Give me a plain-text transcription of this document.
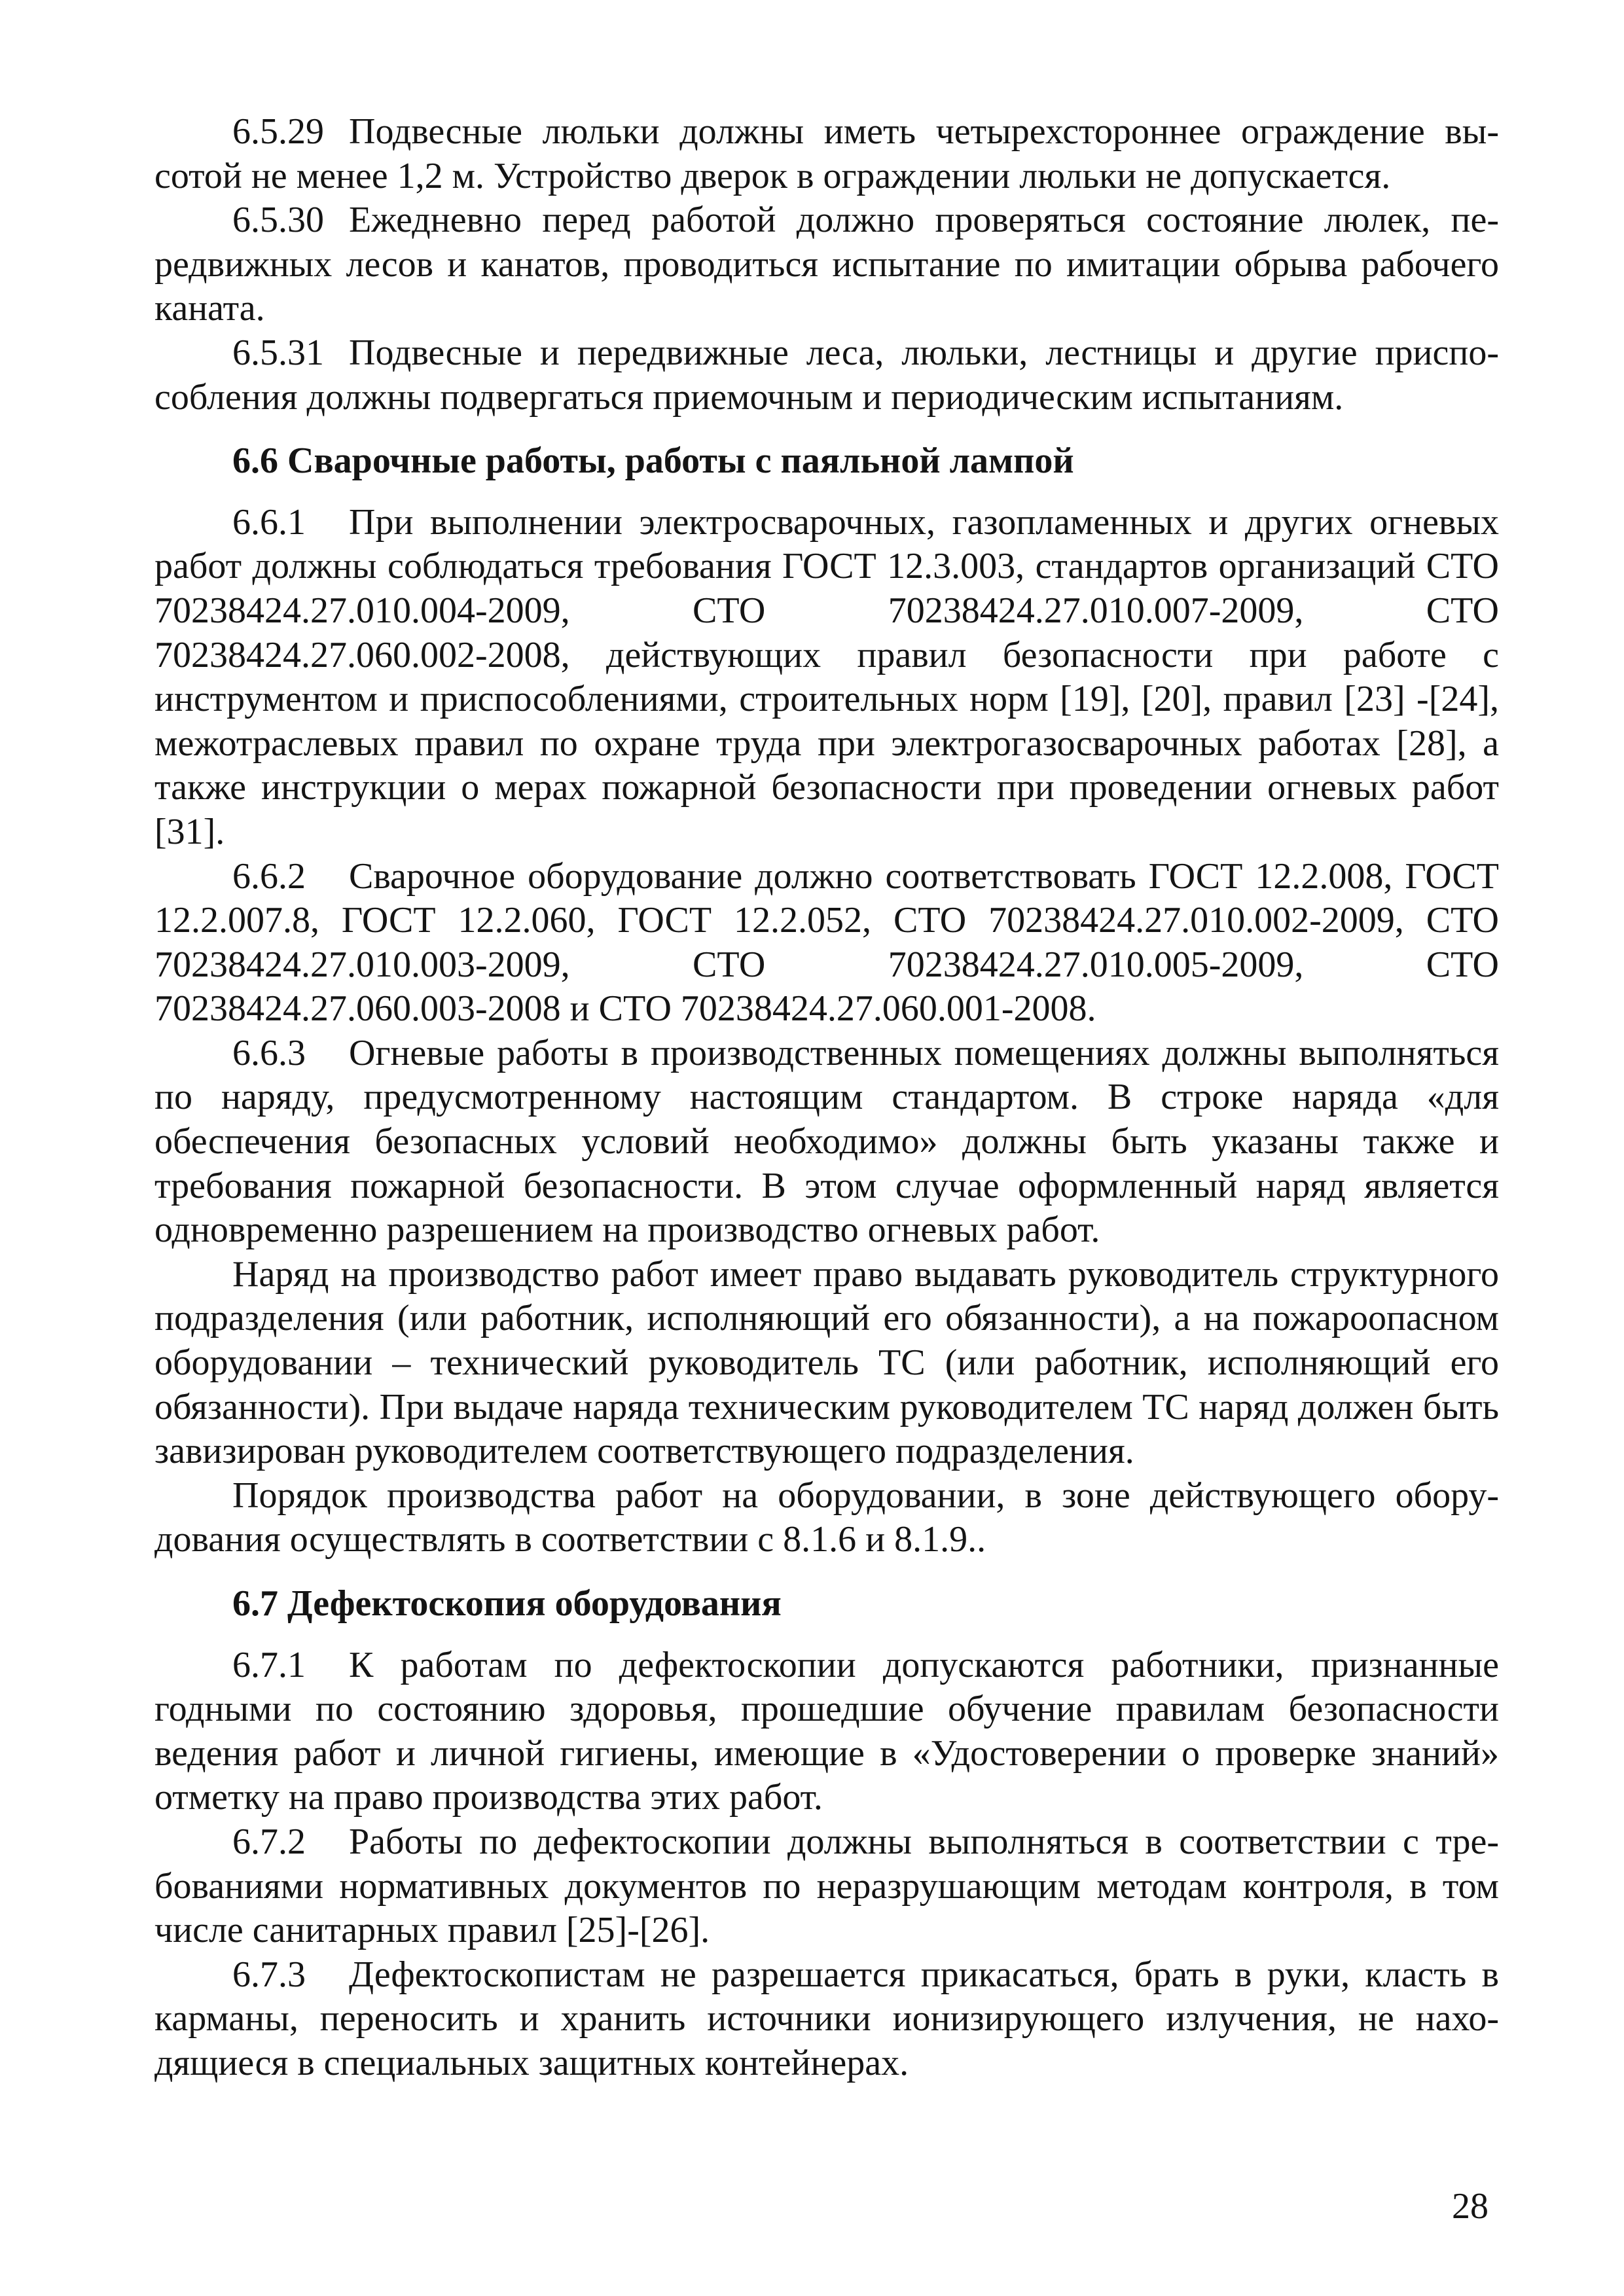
6.5.29 Подвесные люльки должны иметь четырехстороннее ограждение высотой не менее 1,2 м. Устройство дверок в ограждении люльки не допускается.

6.5.30 Ежедневно перед работой должно проверяться состояние люлек, передвижных лесов и канатов, проводиться испытание по имитации обрыва рабочего каната.

6.5.31 Подвесные и передвижные леса, люльки, лестницы и другие приспособления должны подвергаться приемочным и периодическим испытаниям.

6.6 Сварочные работы, работы с паяльной лампой

6.6.1 При выполнении электросварочных, газопламенных и других огневых работ должны соблюдаться требования ГОСТ 12.3.003, стандартов организаций СТО 70238424.27.010.004-2009, СТО 70238424.27.010.007-2009, СТО 70238424.27.060.002-2008, действующих правил безопасности при работе с инструментом и приспособлениями, строительных норм [19], [20], правил [23] -[24], межотраслевых правил по охране труда при электрогазосварочных работах [28], а также инструкции о мерах пожарной безопасности при проведении огневых работ [31].

6.6.2 Сварочное оборудование должно соответствовать ГОСТ 12.2.008, ГОСТ 12.2.007.8, ГОСТ 12.2.060, ГОСТ 12.2.052, СТО 70238424.27.010.002-2009, СТО 70238424.27.010.003-2009, СТО 70238424.27.010.005-2009, СТО 70238424.27.060.003-2008 и СТО 70238424.27.060.001-2008.

6.6.3 Огневые работы в производственных помещениях должны выполняться по наряду, предусмотренному настоящим стандартом. В строке наряда «для обеспечения безопасных условий необходимо» должны быть указаны также и требования пожарной безопасности. В этом случае оформленный наряд является одновременно разрешением на производство огневых работ.

Наряд на производство работ имеет право выдавать руководитель структурного подразделения (или работник, исполняющий его обязанности), а на пожароопасном оборудовании – технический руководитель ТС (или работник, исполняющий его обязанности). При выдаче наряда техническим руководителем ТС наряд должен быть завизирован руководителем соответствующего подразделения.

Порядок производства работ на оборудовании, в зоне действующего оборудования осуществлять в соответствии с 8.1.6 и 8.1.9..

6.7 Дефектоскопия оборудования

6.7.1 К работам по дефектоскопии допускаются работники, признанные годными по состоянию здоровья, прошедшие обучение правилам безопасности ведения работ и личной гигиены, имеющие в «Удостоверении о проверке знаний» отметку на право производства этих работ.

6.7.2 Работы по дефектоскопии должны выполняться в соответствии с требованиями нормативных документов по неразрушающим методам контроля, в том числе санитарных правил [25]-[26].

6.7.3 Дефектоскопистам не разрешается прикасаться, брать в руки, класть в карманы, переносить и хранить источники ионизирующего излучения, не находящиеся в специальных защитных контейнерах.

28
